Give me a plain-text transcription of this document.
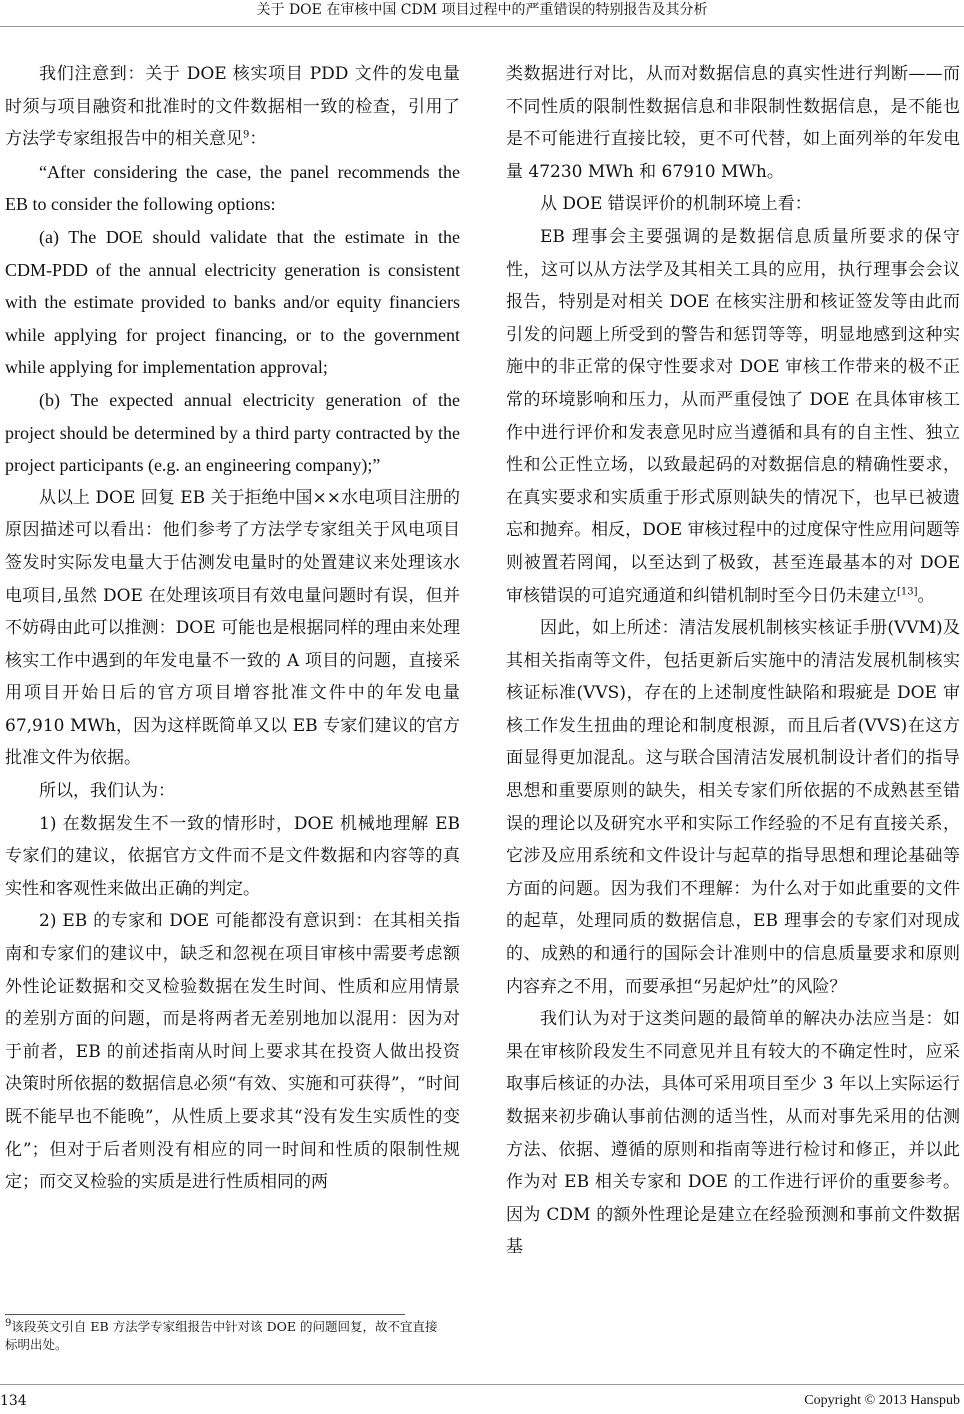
关于 DOE 在审核中国 CDM 项目过程中的严重错误的特别报告及其分析

我们注意到：关于 DOE 核实项目 PDD 文件的发电量时须与项目融资和批准时的文件数据相一致的检查，引用了方法学专家组报告中的相关意见$^9$：

“After considering the case, the panel recommends the EB to consider the following options:

(a) The DOE should validate that the estimate in the CDM-PDD of the annual electricity generation is consistent with the estimate provided to banks and/or equity financiers while applying for project financing, or to the government while applying for implementation approval;

(b) The expected annual electricity generation of the project should be determined by a third party contracted by the project participants (e.g. an engineering company);”

从以上 DOE 回复 EB 关于拒绝中国××水电项目注册的原因描述可以看出：他们参考了方法学专家组关于风电项目签发时实际发电量大于估测发电量时的处置建议来处理该水电项目,虽然 DOE 在处理该项目有效电量问题时有误，但并不妨碍由此可以推测：DOE 可能也是根据同样的理由来处理核实工作中遇到的年发电量不一致的 A 项目的问题，直接采用项目开始日后的官方项目增容批准文件中的年发电量 67,910 MWh，因为这样既简单又以 EB 专家们建议的官方批准文件为依据。

所以，我们认为：

1) 在数据发生不一致的情形时，DOE 机械地理解 EB 专家们的建议，依据官方文件而不是文件数据和内容等的真实性和客观性来做出正确的判定。

2) EB 的专家和 DOE 可能都没有意识到：在其相关指南和专家们的建议中，缺乏和忽视在项目审核中需要考虑额外性论证数据和交叉检验数据在发生时间、性质和应用情景的差别方面的问题，而是将两者无差别地加以混用：因为对于前者，EB 的前述指南从时间上要求其在投资人做出投资决策时所依据的数据信息必须“有效、实施和可获得”，“时间既不能早也不能晚”，从性质上要求其“没有发生实质性的变化”；但对于后者则没有相应的同一时间和性质的限制性规定；而交叉检验的实质是进行性质相同的两

类数据进行对比，从而对数据信息的真实性进行判断——而不同性质的限制性数据信息和非限制性数据信息，是不能也是不可能进行直接比较，更不可代替，如上面列举的年发电量 47230 MWh 和 67910 MWh。

从 DOE 错误评价的机制环境上看：

EB 理事会主要强调的是数据信息质量所要求的保守性，这可以从方法学及其相关工具的应用，执行理事会会议报告，特别是对相关 DOE 在核实注册和核证签发等由此而引发的问题上所受到的警告和惩罚等等，明显地感到这种实施中的非正常的保守性要求对 DOE 审核工作带来的极不正常的环境影响和压力，从而严重侵蚀了 DOE 在具体审核工作中进行评价和发表意见时应当遵循和具有的自主性、独立性和公正性立场，以致最起码的对数据信息的精确性要求，在真实要求和实质重于形式原则缺失的情况下，也早已被遗忘和抛弃。相反，DOE 审核过程中的过度保守性应用问题等则被置若罔闻，以至达到了极致，甚至连最基本的对 DOE 审核错误的可追究通道和纠错机制时至今日仍未建立[13]。

因此，如上所述：清洁发展机制核实核证手册(VVM)及其相关指南等文件，包括更新后实施中的清洁发展机制核实核证标准(VVS)，存在的上述制度性缺陷和瑕疵是 DOE 审核工作发生扭曲的理论和制度根源，而且后者(VVS)在这方面显得更加混乱。这与联合国清洁发展机制设计者们的指导思想和重要原则的缺失，相关专家们所依据的不成熟甚至错误的理论以及研究水平和实际工作经验的不足有直接关系，它涉及应用系统和文件设计与起草的指导思想和理论基础等方面的问题。因为我们不理解：为什么对于如此重要的文件的起草，处理同质的数据信息，EB 理事会的专家们对现成的、成熟的和通行的国际会计准则中的信息质量要求和原则内容弃之不用，而要承担“另起炉灶”的风险？

我们认为对于这类问题的最简单的解决办法应当是：如果在审核阶段发生不同意见并且有较大的不确定性时，应采取事后核证的办法，具体可采用项目至少 3 年以上实际运行数据来初步确认事前估测的适当性，从而对事先采用的估测方法、依据、遵循的原则和指南等进行检讨和修正，并以此作为对 EB 相关专家和 DOE 的工作进行评价的重要参考。因为 CDM 的额外性理论是建立在经验预测和事前文件数据基

$^9$该段英文引自 EB 方法学专家组报告中针对该 DOE 的问题回复，故不宜直接标明出处。
134	Copyright © 2013 Hanspub
